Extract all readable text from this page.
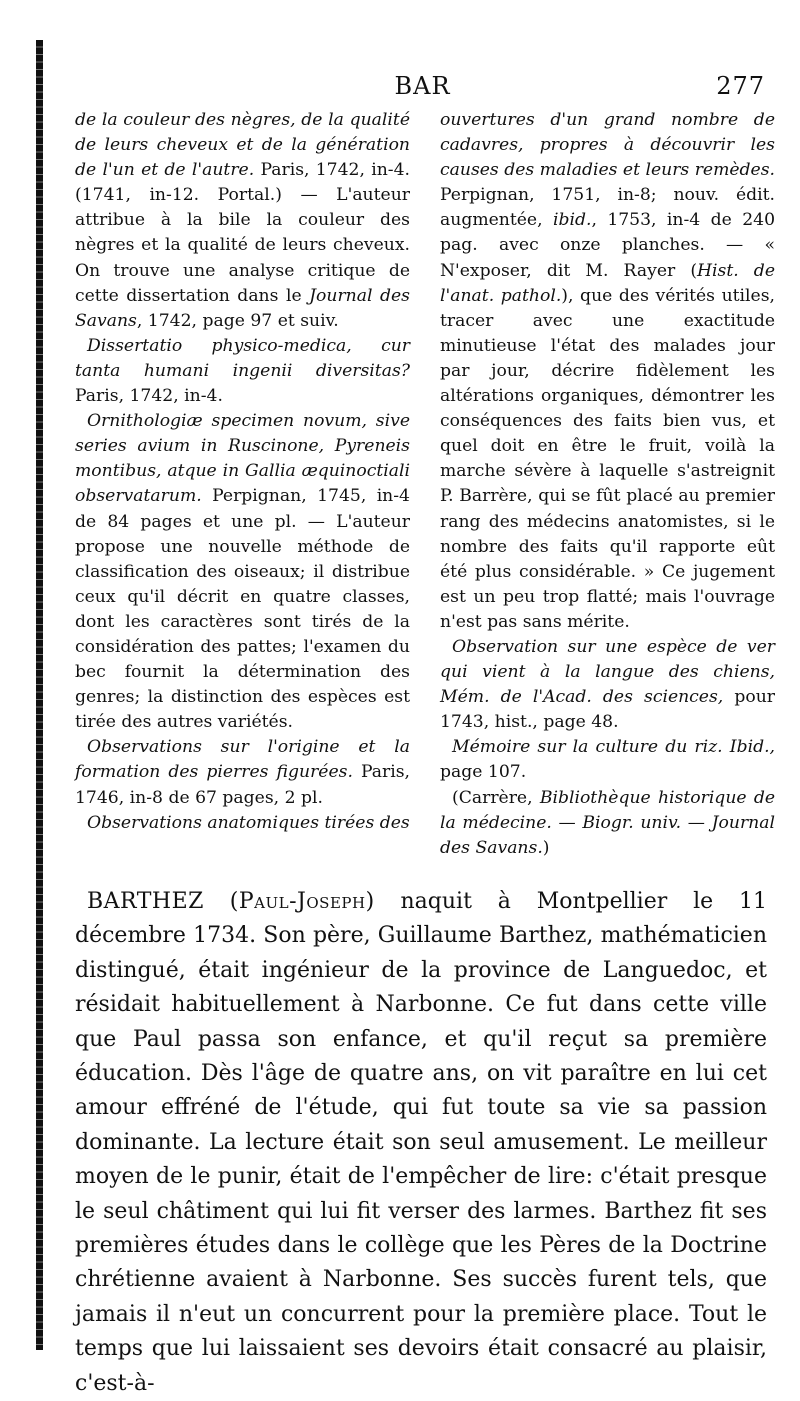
BAR	277

de la couleur des nègres, de la qualité de leurs cheveux et de la génération de l'un et de l'autre. Paris, 1742, in-4. (1741, in-12. Portal.) — L'auteur attribue à la bile la couleur des nègres et la qualité de leurs cheveux. On trouve une analyse critique de cette dissertation dans le Journal des Savans, 1742, page 97 et suiv.

Dissertatio physico-medica, cur tanta humani ingenii diversitas? Paris, 1742, in-4.

Ornithologiæ specimen novum, sive series avium in Ruscinone, Pyreneis montibus, atque in Gallia æquinoctiali observatarum. Perpignan, 1745, in-4 de 84 pages et une pl. — L'auteur propose une nouvelle méthode de classification des oiseaux; il distribue ceux qu'il décrit en quatre classes, dont les caractères sont tirés de la considération des pattes; l'examen du bec fournit la détermination des genres; la distinction des espèces est tirée des autres variétés.

Observations sur l'origine et la formation des pierres figurées. Paris, 1746, in-8 de 67 pages, 2 pl.

Observations anatomiques tirées des

ouvertures d'un grand nombre de cadavres, propres à découvrir les causes des maladies et leurs remèdes. Perpignan, 1751, in-8; nouv. édit. augmentée, ibid., 1753, in-4 de 240 pag. avec onze planches. — « N'exposer, dit M. Rayer (Hist. de l'anat. pathol.), que des vérités utiles, tracer avec une exactitude minutieuse l'état des malades jour par jour, décrire fidèlement les altérations organiques, démontrer les conséquences des faits bien vus, et quel doit en être le fruit, voilà la marche sévère à laquelle s'astreignit P. Barrère, qui se fût placé au premier rang des médecins anatomistes, si le nombre des faits qu'il rapporte eût été plus considérable. » Ce jugement est un peu trop flatté; mais l'ouvrage n'est pas sans mérite.

Observation sur une espèce de ver qui vient à la langue des chiens, Mém. de l'Acad. des sciences, pour 1743, hist., page 48.

Mémoire sur la culture du riz. Ibid., page 107.

(Carrère, Bibliothèque historique de la médecine. — Biogr. univ. — Journal des Savans.)

BARTHEZ (Paul-Joseph) naquit à Montpellier le 11 décembre 1734. Son père, Guillaume Barthez, mathématicien distingué, était ingénieur de la province de Languedoc, et résidait habituellement à Narbonne. Ce fut dans cette ville que Paul passa son enfance, et qu'il reçut sa première éducation. Dès l'âge de quatre ans, on vit paraître en lui cet amour effréné de l'étude, qui fut toute sa vie sa passion dominante. La lecture était son seul amusement. Le meilleur moyen de le punir, était de l'empêcher de lire: c'était presque le seul châtiment qui lui fit verser des larmes. Barthez fit ses premières études dans le collège que les Pères de la Doctrine chrétienne avaient à Narbonne. Ses succès furent tels, que jamais il n'eut un concurrent pour la première place. Tout le temps que lui laissaient ses devoirs était consacré au plaisir, c'est-à-
